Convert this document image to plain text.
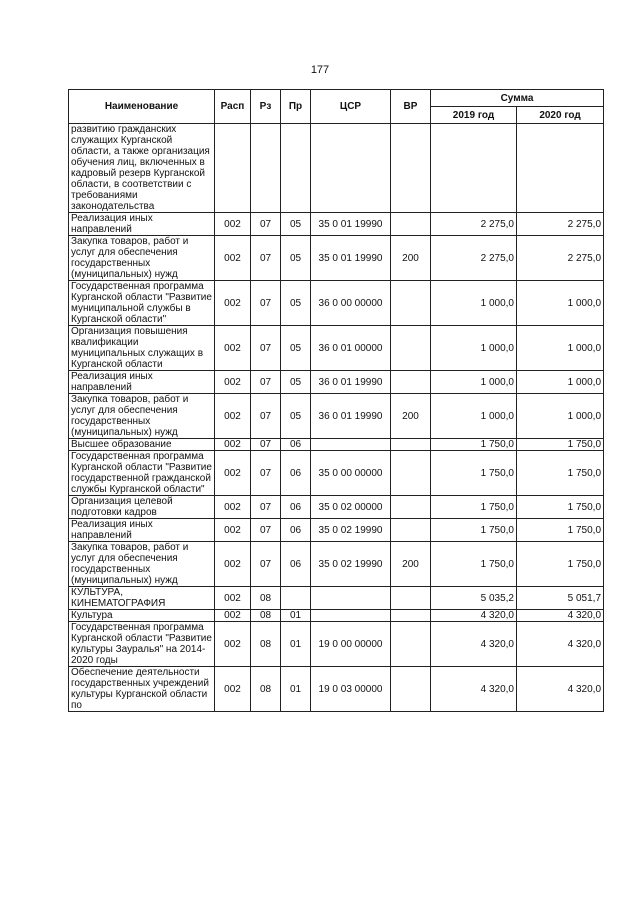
177
Наименование	Расп	Рз	Пр	ЦСР	ВР	Сумма	
						2019 год	2020 год
развитию гражданских служащих Курганской области, а также организация обучения лиц, включенных в кадровый резерв Курганской области, в соответствии с требованиями законодательства							
Реализация иных направлений	002	07	05	35 0 01 19990		2 275,0	2 275,0
Закупка товаров, работ и услуг для обеспечения государственных (муниципальных) нужд	002	07	05	35 0 01 19990	200	2 275,0	2 275,0
Государственная программа Курганской области "Развитие муниципальной службы в Курганской области"	002	07	05	36 0 00 00000		1 000,0	1 000,0
Организация повышения квалификации муниципальных служащих в Курганской области	002	07	05	36 0 01 00000		1 000,0	1 000,0
Реализация иных направлений	002	07	05	36 0 01 19990		1 000,0	1 000,0
Закупка товаров, работ и услуг для обеспечения государственных (муниципальных) нужд	002	07	05	36 0 01 19990	200	1 000,0	1 000,0
Высшее образование	002	07	06			1 750,0	1 750,0
Государственная программа Курганской области "Развитие государственной гражданской службы Курганской области"	002	07	06	35 0 00 00000		1 750,0	1 750,0
Организация целевой подготовки кадров	002	07	06	35 0 02 00000		1 750,0	1 750,0
Реализация иных направлений	002	07	06	35 0 02 19990		1 750,0	1 750,0
Закупка товаров, работ и услуг для обеспечения государственных (муниципальных) нужд	002	07	06	35 0 02 19990	200	1 750,0	1 750,0
КУЛЬТУРА, КИНЕМАТОГРАФИЯ	002	08				5 035,2	5 051,7
Культура	002	08	01			4 320,0	4 320,0
Государственная программа Курганской области "Развитие культуры Зауралья" на 2014-2020 годы	002	08	01	19 0 00 00000		4 320,0	4 320,0
Обеспечение деятельности государственных учреждений культуры Курганской области по	002	08	01	19 0 03 00000		4 320,0	4 320,0
